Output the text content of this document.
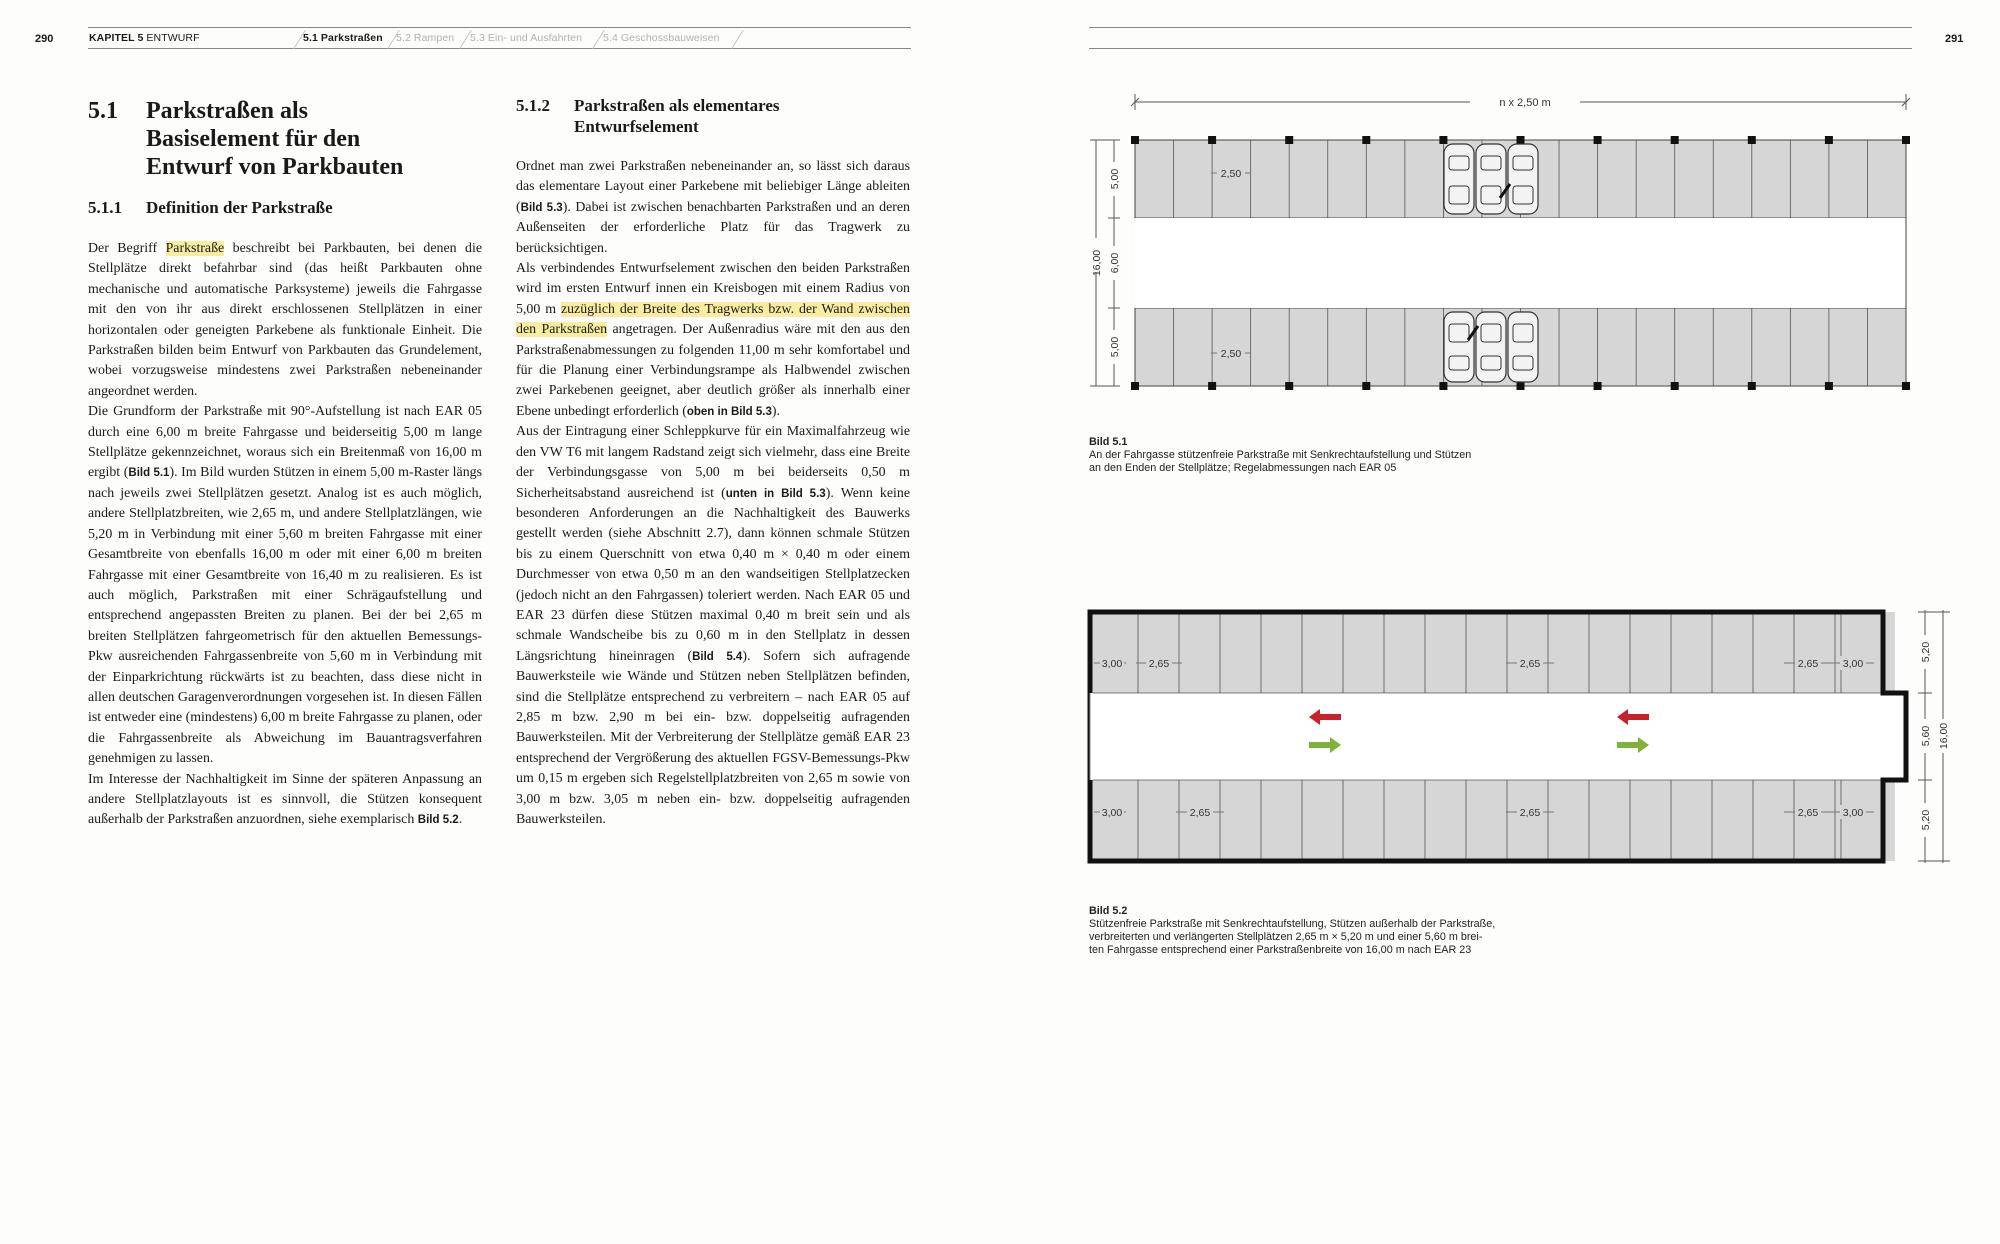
290	KAPITEL 5 ENTWURF	5.1 Parkstraßen 5.2 Rampen 5.3 Ein- und Ausfahrten 5.4 Geschossbauweisen	291
5.1 Parkstraßen als
Basiselement für den
Entwurf von Parkbauten
5.1.1 Definition der Parkstraße

Der Begriff Parkstraße beschreibt bei Parkbauten, bei denen die Stellplätze direkt befahrbar sind (das heißt Parkbauten ohne mechanische und automatische Parksysteme) jeweils die Fahrgasse mit den von ihr aus direkt erschlossenen Stellplätzen in einer horizontalen oder geneigten Parkebene als funktionale Einheit. Die Parkstraßen bilden beim Entwurf von Parkbauten das Grundelement, wobei vorzugsweise mindestens zwei Parkstraßen nebeneinander angeordnet werden.

Die Grundform der Parkstraße mit 90°-Aufstellung ist nach EAR 05 durch eine 6,00 m breite Fahrgasse und beiderseitig 5,00 m lange Stellplätze gekennzeichnet, woraus sich ein Breitenmaß von 16,00 m ergibt (Bild 5.1). Im Bild wurden Stützen in einem 5,00 m-Raster längs nach jeweils zwei Stellplätzen gesetzt. Analog ist es auch möglich, andere Stellplatzbreiten, wie 2,65 m, und andere Stellplatzlängen, wie 5,20 m in Verbindung mit einer 5,60 m breiten Fahrgasse mit einer Gesamtbreite von ebenfalls 16,00 m oder mit einer 6,00 m breiten Fahrgasse mit einer Gesamtbreite von 16,40 m zu realisieren. Es ist auch möglich, Parkstraßen mit einer Schrägaufstellung und entsprechend angepassten Breiten zu planen. Bei der bei 2,65 m breiten Stellplätzen fahrgeometrisch für den aktuellen Bemessungs-Pkw ausreichenden Fahrgassenbreite von 5,60 m in Verbindung mit der Einparkrichtung rückwärts ist zu beachten, dass diese nicht in allen deutschen Garagenverordnungen vorgesehen ist. In diesen Fällen ist entweder eine (mindestens) 6,00 m breite Fahrgasse zu planen, oder die Fahrgassenbreite als Abweichung im Bauantragsverfahren genehmigen zu lassen.

Im Interesse der Nachhaltigkeit im Sinne der späteren Anpassung an andere Stellplatzlayouts ist es sinnvoll, die Stützen konsequent außerhalb der Parkstraßen anzuordnen, siehe exemplarisch Bild 5.2.

5.1.2 Parkstraßen als elementares
Entwurfselement

Ordnet man zwei Parkstraßen nebeneinander an, so lässt sich daraus das elementare Layout einer Parkebene mit beliebiger Länge ableiten (Bild 5.3). Dabei ist zwischen benachbarten Parkstraßen und an deren Außenseiten der erforderliche Platz für das Tragwerk zu berücksichtigen.

Als verbindendes Entwurfselement zwischen den beiden Parkstraßen wird im ersten Entwurf innen ein Kreisbogen mit einem Radius von 5,00 m zuzüglich der Breite des Tragwerks bzw. der Wand zwischen den Parkstraßen angetragen. Der Außenradius wäre mit den aus den Parkstraßenabmessungen zu folgenden 11,00 m sehr komfortabel und für die Planung einer Verbindungsrampe als Halbwendel zwischen zwei Parkebenen geeignet, aber deutlich größer als innerhalb einer Ebene unbedingt erforderlich (oben in Bild 5.3).

Aus der Eintragung einer Schleppkurve für ein Maximalfahrzeug wie den VW T6 mit langem Radstand zeigt sich vielmehr, dass eine Breite der Verbindungsgasse von 5,00 m bei beiderseits 0,50 m Sicherheitsabstand ausreichend ist (unten in Bild 5.3). Wenn keine besonderen Anforderungen an die Nachhaltigkeit des Bauwerks gestellt werden (siehe Abschnitt 2.7), dann können schmale Stützen bis zu einem Querschnitt von etwa 0,40 m × 0,40 m oder einem Durchmesser von etwa 0,50 m an den wandseitigen Stellplatzecken (jedoch nicht an den Fahrgassen) toleriert werden. Nach EAR 05 und EAR 23 dürfen diese Stützen maximal 0,40 m breit sein und als schmale Wandscheibe bis zu 0,60 m in den Stellplatz in dessen Längsrichtung hineinragen (Bild 5.4). Sofern sich aufragende Bauwerksteile wie Wände und Stützen neben Stellplätzen befinden, sind die Stellplätze entsprechend zu verbreitern – nach EAR 05 auf 2,85 m bzw. 2,90 m bei ein- bzw. doppelseitig aufragenden Bauwerksteilen. Mit der Verbreiterung der Stellplätze gemäß EAR 23 entsprechend der Vergrößerung des aktuellen FGSV-Bemessungs-Pkw um 0,15 m ergeben sich Regelstellplatzbreiten von 2,65 m sowie von 3,00 m bzw. 3,05 m neben ein- bzw. doppelseitig aufragenden Bauwerksteilen.

n x 2,50 m
2,50
2,50
16,00
5,00
6,00
5,00
Bild 5.1
An der Fahrgasse stützenfreie Parkstraße mit Senkrechtaufstellung und Stützen
an den Enden der Stellplätze; Regelabmessungen nach EAR 05
3,00	2,65	2,65	2,65 3,00
3,00	2,65	2,65	2,65 3,00
5,20
5,60
5,20
16,00
Bild 5.2
Stützenfreie Parkstraße mit Senkrechtaufstellung, Stützen außerhalb der Parkstraße,
verbreiterten und verlängerten Stellplätzen 2,65 m × 5,20 m und einer 5,60 m brei-
ten Fahrgasse entsprechend einer Parkstraßenbreite von 16,00 m nach EAR 23
